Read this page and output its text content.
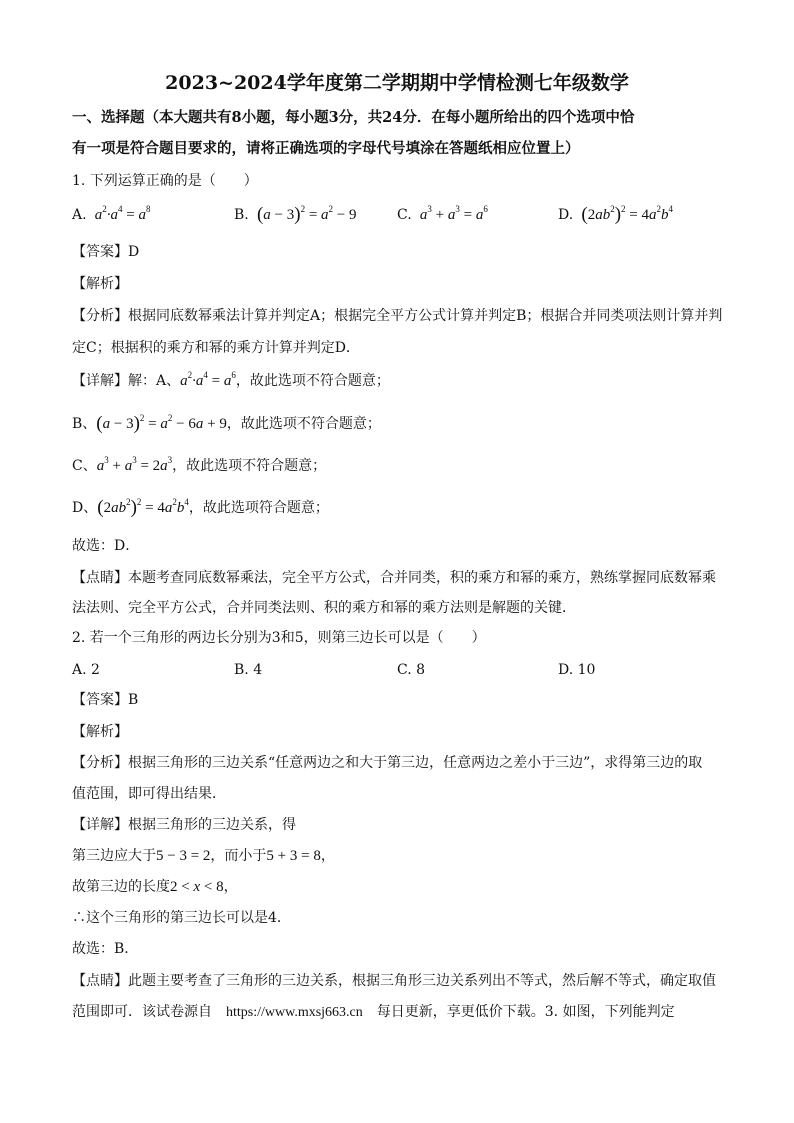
2023~2024学年度第二学期期中学情检测七年级数学
一、选择题（本大题共有8小题，每小题3分，共24分．在每小题所给出的四个选项中恰
有一项是符合题目要求的，请将正确选项的字母代号填涂在答题纸相应位置上）
1. 下列运算正确的是（　　）
A.  $a^2\cdot a^4 = a^8$	B. $(a - 3)^2 = a^2 - 9$	C.  $a^3 + a^3 = a^6$	D. $(2ab^2)^2 = 4a^2b^4$
【答案】D
【解析】
【分析】根据同底数幂乘法计算并判定A；根据完全平方公式计算并判定B；根据合并同类项法则计算并判
定C；根据积的乘方和幂的乘方计算并判定D．
【详解】解：A、$a^2\cdot a^4 = a^6$，故此选项不符合题意；
B、$(a - 3)^2 = a^2 - 6a + 9$，故此选项不符合题意；
C、$a^3 + a^3 = 2a^3$，故此选项不符合题意；
D、$(2ab^2)^2 = 4a^2b^4$，故此选项符合题意；
故选：D．
【点睛】本题考查同底数幂乘法，完全平方公式，合并同类，积的乘方和幂的乘方，熟练掌握同底数幂乘
法法则、完全平方公式，合并同类法则、积的乘方和幂的乘方法则是解题的关键．
2. 若一个三角形的两边长分别为3和5，则第三边长可以是（　　）
A. 2	B. 4	C. 8	D. 10
【答案】B
【解析】
【分析】根据三角形的三边关系“任意两边之和大于第三边，任意两边之差小于三边”，求得第三边的取
值范围，即可得出结果．
【详解】根据三角形的三边关系，得
第三边应大于5 − 3 = 2，而小于5 + 3 = 8，
故第三边的长度2 < x < 8，
∴这个三角形的第三边长可以是4．
故选：B．
【点睛】此题主要考查了三角形的三边关系，根据三角形三边关系列出不等式，然后解不等式，确定取值
范围即可．该试卷源自　https://www.mxsj663.cn　每日更新，享更低价下载。3. 如图，下列能判定
